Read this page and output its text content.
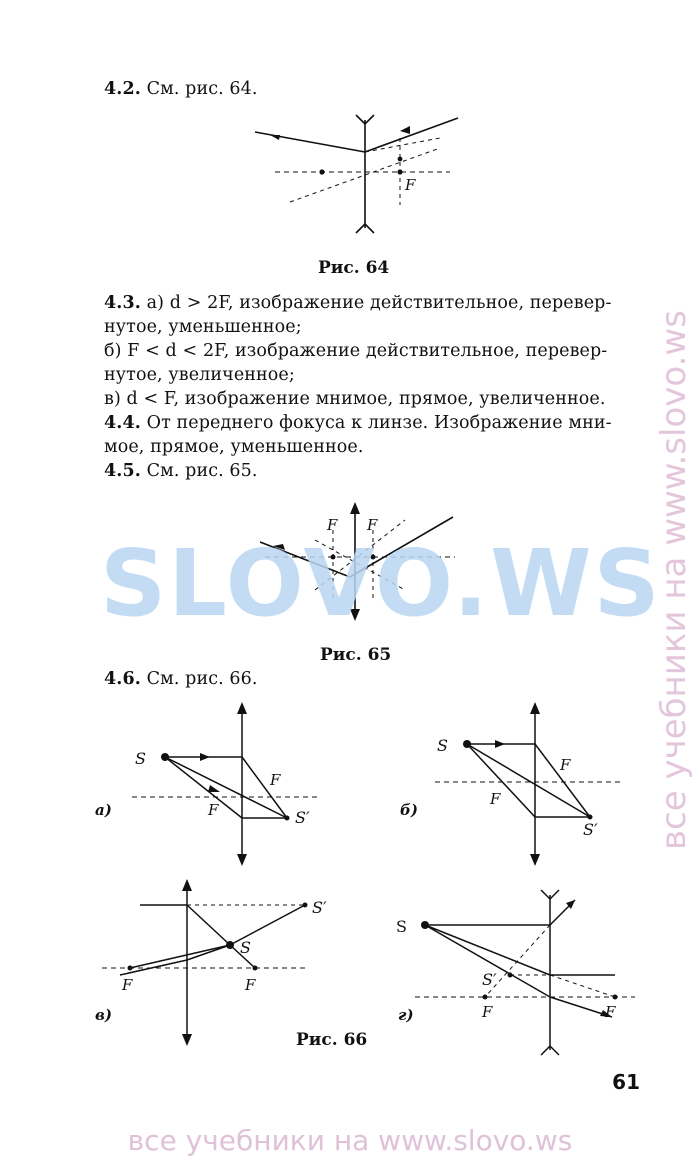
все учебники на www.slovo.ws
4.2. См. рис. 64.
F
Рис. 64
4.3. а) d > 2F, изображение действительное, перевер-
нутое, уменьшенное;
б) F < d < 2F, изображение действительное, перевер-
нутое, увеличенное;
в) d < F, изображение мнимое, прямое, увеличенное.
4.4. От переднего фокуса к линзе. Изображение мни-
мое, прямое, уменьшенное.
4.5. См. рис. 65.
F F
SLOVO.WS
Рис. 65
4.6. См. рис. 66.
S
F
F	S′
а)
S
F
F
S′
б)
S
S′
F	F
в)
S
S′
F	F
г)
Рис. 66
61
все учебники на www.slovo.ws
